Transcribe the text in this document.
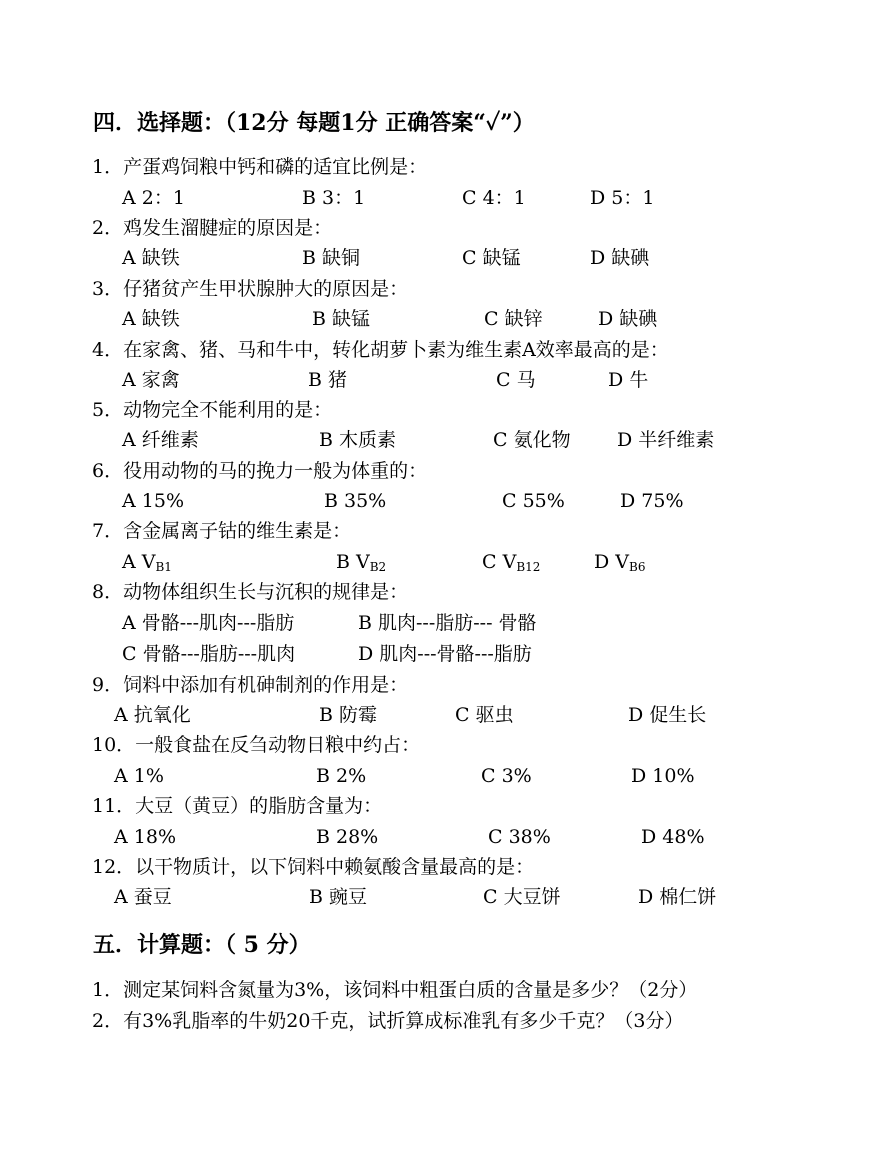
四．选择题：（12分 每题1分 正确答案“✓”）
1．产蛋鸡饲粮中钙和磷的适宜比例是：
A 2：1	B 3：1	C 4：1	D 5：1
2．鸡发生溜腱症的原因是：
A 缺铁	B 缺铜	C 缺锰	D 缺碘
3．仔猪贫产生甲状腺肿大的原因是：
A 缺铁	B 缺锰	C 缺锌	D 缺碘
4．在家禽、猪、马和牛中，转化胡萝卜素为维生素A效率最高的是：
A 家禽	B 猪	C 马	D 牛
5．动物完全不能利用的是：
A 纤维素	B 木质素	C 氨化物 D 半纤维素
6．役用动物的马的挽力一般为体重的：
A 15%	B 35%	C 55%	D 75%
7．含金属离子钴的维生素是：
A $V_{B1}$	B $V_{B2}$	C $V_{B12}$	D $V_{B6}$
8．动物体组织生长与沉积的规律是：
A 骨骼---肌肉---脂肪	B 肌肉---脂肪--- 骨骼
C 骨骼---脂肪---肌肉	D 肌肉---骨骼---脂肪
9．饲料中添加有机砷制剂的作用是：
A 抗氧化	B 防霉	C 驱虫	D 促生长
10．一般食盐在反刍动物日粮中约占：
A 1%	B 2%	C 3%	D 10%
11．大豆（黄豆）的脂肪含量为：
A 18%	B 28%	C 38%	D 48%
12．以干物质计，以下饲料中赖氨酸含量最高的是：
A 蚕豆	B 豌豆	C 大豆饼	D 棉仁饼
五．计算题：（ 5 分）
1．测定某饲料含氮量为3%，该饲料中粗蛋白质的含量是多少？（2分）
2．有3%乳脂率的牛奶20千克，试折算成标准乳有多少千克？（3分）
